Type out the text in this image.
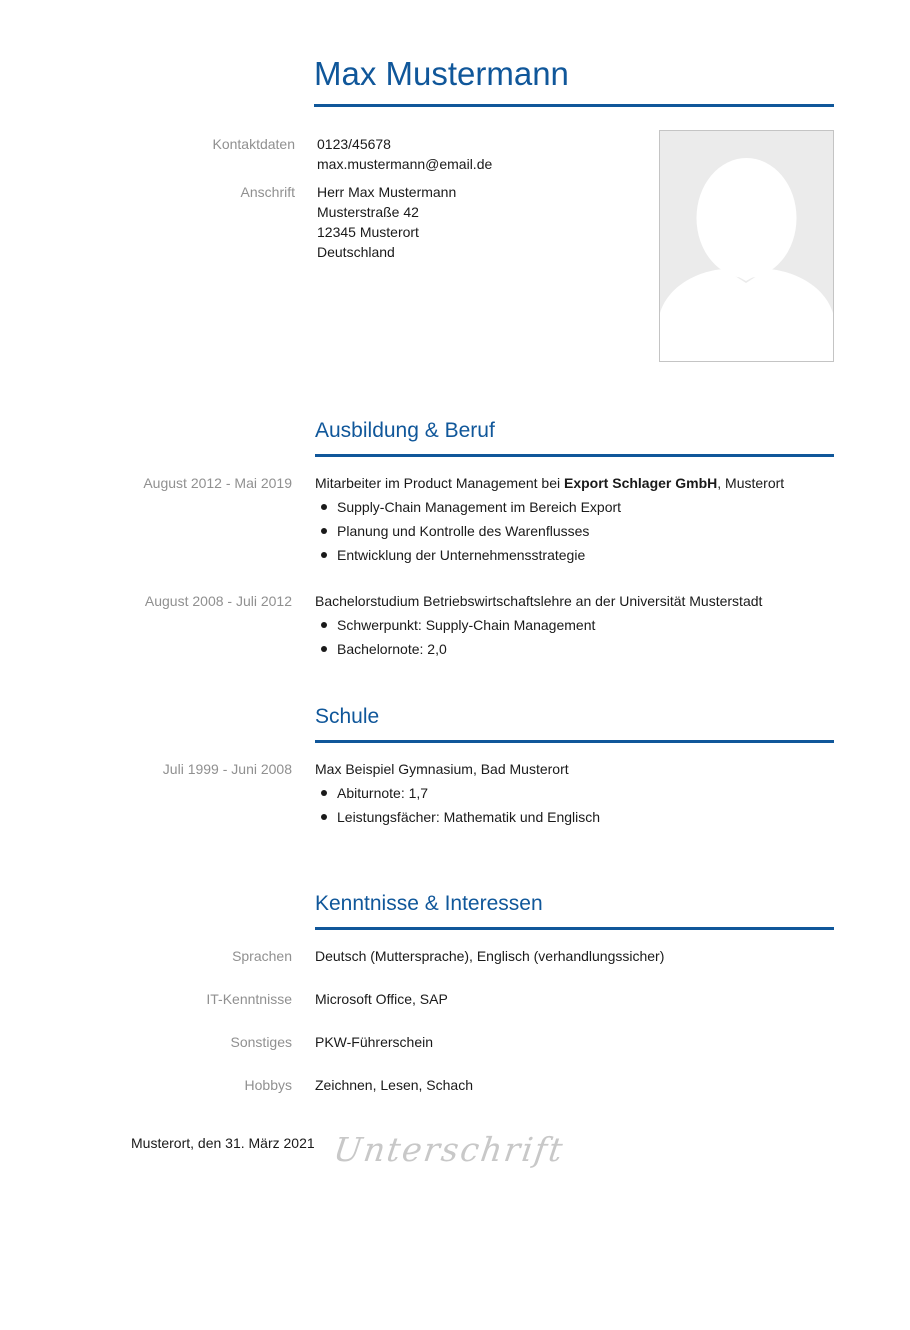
Max Mustermann
Kontaktdaten 0123/45678
max.mustermann@email.de
Anschrift Herr Max Mustermann
Musterstraße 42
12345 Musterort
Deutschland
Ausbildung & Beruf
August 2012 - Mai 2019 Mitarbeiter im Product Management bei Export Schlager GmbH, Musterort
Supply-Chain Management im Bereich Export
Planung und Kontrolle des Warenflusses
Entwicklung der Unternehmensstrategie
August 2008 - Juli 2012 Bachelorstudium Betriebswirtschaftslehre an der Universität Musterstadt
Schwerpunkt: Supply-Chain Management
Bachelornote: 2,0
Schule
Juli 1999 - Juni 2008 Max Beispiel Gymnasium, Bad Musterort
Abiturnote: 1,7
Leistungsfächer: Mathematik und Englisch
Kenntnisse & Interessen
Sprachen Deutsch (Muttersprache), Englisch (verhandlungssicher)
IT-Kenntnisse Microsoft Office, SAP
Sonstiges PKW-Führerschein
Hobbys Zeichnen, Lesen, Schach
Musterort, den 31. März 2021 Unterschrift
